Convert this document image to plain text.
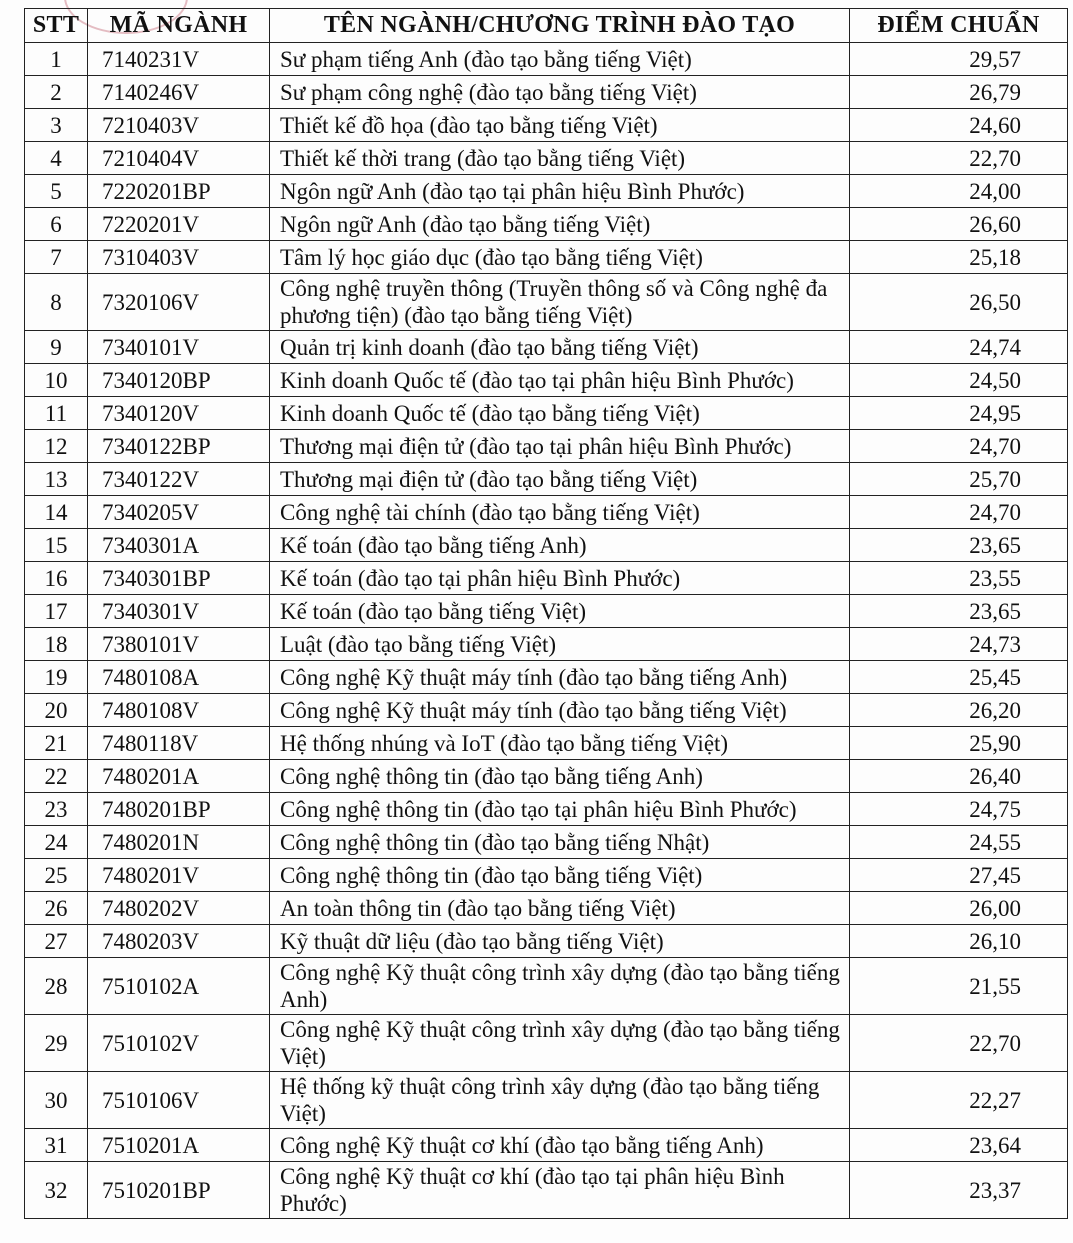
STT	MÃ NGÀNH	TÊN NGÀNH/CHƯƠNG TRÌNH ĐÀO TẠO	ĐIỂM CHUẨN
1	7140231V	Sư phạm tiếng Anh (đào tạo bằng tiếng Việt)	29,57
2	7140246V	Sư phạm công nghệ (đào tạo bằng tiếng Việt)	26,79
3	7210403V	Thiết kế đồ họa (đào tạo bằng tiếng Việt)	24,60
4	7210404V	Thiết kế thời trang (đào tạo bằng tiếng Việt)	22,70
5	7220201BP	Ngôn ngữ Anh (đào tạo tại phân hiệu Bình Phước)	24,00
6	7220201V	Ngôn ngữ Anh (đào tạo bằng tiếng Việt)	26,60
7	7310403V	Tâm lý học giáo dục (đào tạo bằng tiếng Việt)	25,18
8	7320106V	Công nghệ truyền thông (Truyền thông số và Công nghệ đa phương tiện) (đào tạo bằng tiếng Việt)	26,50
9	7340101V	Quản trị kinh doanh (đào tạo bằng tiếng Việt)	24,74
10	7340120BP	Kinh doanh Quốc tế (đào tạo tại phân hiệu Bình Phước)	24,50
11	7340120V	Kinh doanh Quốc tế (đào tạo bằng tiếng Việt)	24,95
12	7340122BP	Thương mại điện tử (đào tạo tại phân hiệu Bình Phước)	24,70
13	7340122V	Thương mại điện tử (đào tạo bằng tiếng Việt)	25,70
14	7340205V	Công nghệ tài chính (đào tạo bằng tiếng Việt)	24,70
15	7340301A	Kế toán (đào tạo bằng tiếng Anh)	23,65
16	7340301BP	Kế toán (đào tạo tại phân hiệu Bình Phước)	23,55
17	7340301V	Kế toán (đào tạo bằng tiếng Việt)	23,65
18	7380101V	Luật (đào tạo bằng tiếng Việt)	24,73
19	7480108A	Công nghệ Kỹ thuật máy tính (đào tạo bằng tiếng Anh)	25,45
20	7480108V	Công nghệ Kỹ thuật máy tính (đào tạo bằng tiếng Việt)	26,20
21	7480118V	Hệ thống nhúng và IoT (đào tạo bằng tiếng Việt)	25,90
22	7480201A	Công nghệ thông tin (đào tạo bằng tiếng Anh)	26,40
23	7480201BP	Công nghệ thông tin (đào tạo tại phân hiệu Bình Phước)	24,75
24	7480201N	Công nghệ thông tin (đào tạo bằng tiếng Nhật)	24,55
25	7480201V	Công nghệ thông tin (đào tạo bằng tiếng Việt)	27,45
26	7480202V	An toàn thông tin (đào tạo bằng tiếng Việt)	26,00
27	7480203V	Kỹ thuật dữ liệu (đào tạo bằng tiếng Việt)	26,10
28	7510102A	Công nghệ Kỹ thuật công trình xây dựng (đào tạo bằng tiếng Anh)	21,55
29	7510102V	Công nghệ Kỹ thuật công trình xây dựng (đào tạo bằng tiếng Việt)	22,70
30	7510106V	Hệ thống kỹ thuật công trình xây dựng (đào tạo bằng tiếng Việt)	22,27
31	7510201A	Công nghệ Kỹ thuật cơ khí (đào tạo bằng tiếng Anh)	23,64
32	7510201BP	Công nghệ Kỹ thuật cơ khí (đào tạo tại phân hiệu Bình Phước)	23,37
